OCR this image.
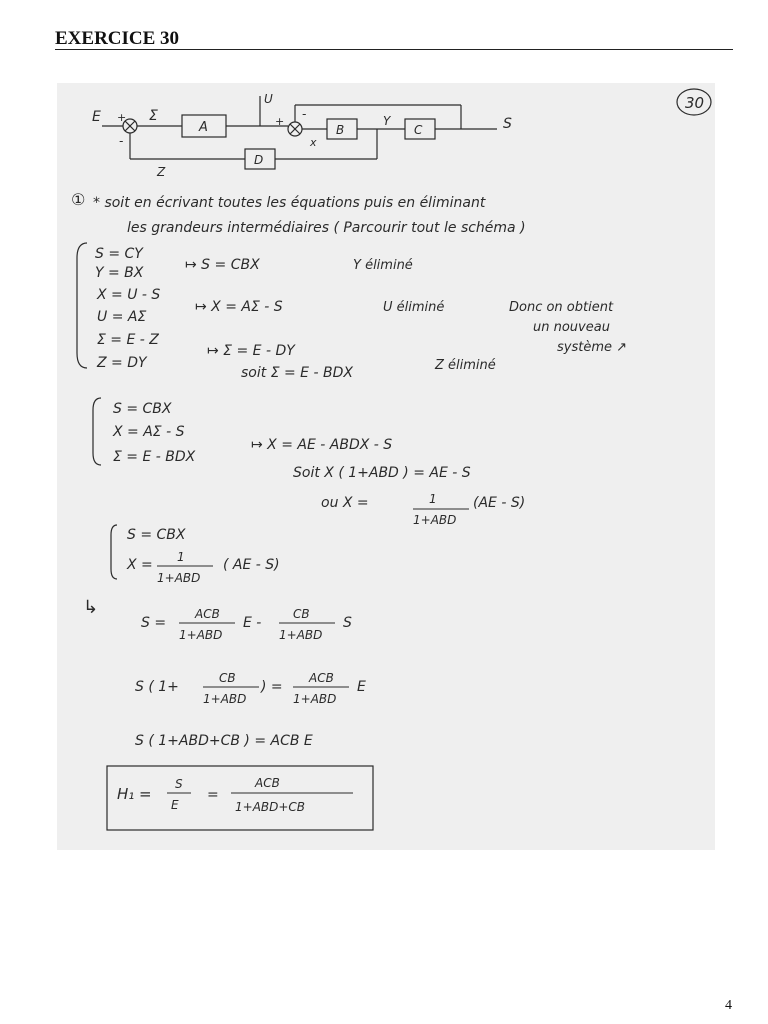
EXERCICE 30
30
E +
-
Σ
A
U
+
-
x
B
Y
C	S
D
Z
① * soit en écrivant toutes les équations puis en éliminant
les grandeurs intermédiaires ( Parcourir tout le schéma )
S = CY
Y = BX
X = U - S
U = AΣ
Σ = E - Z
Z = DY
↦ S = CBX	Y éliminé
↦ X = AΣ - S	U éliminé
↦ Σ = E - DY
soit Σ = E - BDX	Z éliminé
Donc on obtient
un nouveau
système ↗
S = CBX
X = AΣ - S
Σ = E - BDX
↦ X = AE - ABDX - S
Soit X ( 1+ABD ) = AE - S
ou X =	1
1+ABD
(AE - S)
S = CBX
X = 1
1+ABD
( AE - S)
↳
S =
ACB
1+ABD
E -
CB
1+ABD
S
S ( 1+
CB
1+ABD
) =
ACB
1+ABD
E
S ( 1+ABD+CB ) = ACB E
H₁ =
S
E
=
ACB
1+ABD+CB
4
